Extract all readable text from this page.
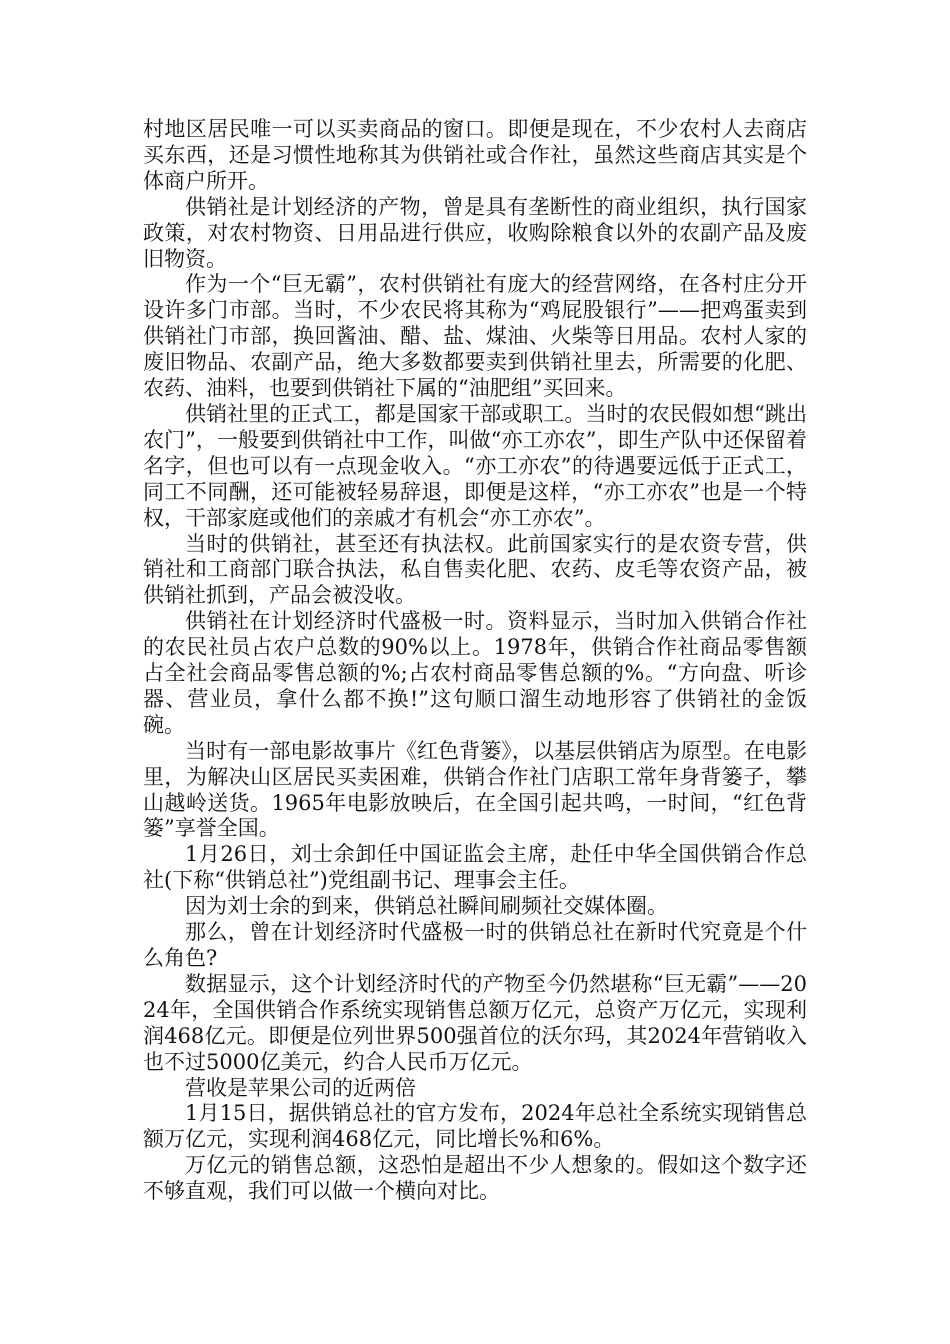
村地区居民唯一可以买卖商品的窗口。即便是现在，不少农村人去商店买东西，还是习惯性地称其为供销社或合作社，虽然这些商店其实是个体商户所开。

供销社是计划经济的产物，曾是具有垄断性的商业组织，执行国家政策，对农村物资、日用品进行供应，收购除粮食以外的农副产品及废旧物资。

作为一个“巨无霸”，农村供销社有庞大的经营网络，在各村庄分开设许多门市部。当时，不少农民将其称为“鸡屁股银行”——把鸡蛋卖到供销社门市部，换回酱油、醋、盐、煤油、火柴等日用品。农村人家的废旧物品、农副产品，绝大多数都要卖到供销社里去，所需要的化肥、农药、油料，也要到供销社下属的“油肥组”买回来。

供销社里的正式工，都是国家干部或职工。当时的农民假如想“跳出农门”，一般要到供销社中工作，叫做“亦工亦农”，即生产队中还保留着名字，但也可以有一点现金收入。“亦工亦农”的待遇要远低于正式工，同工不同酬，还可能被轻易辞退，即便是这样，“亦工亦农”也是一个特权，干部家庭或他们的亲戚才有机会“亦工亦农”。

当时的供销社，甚至还有执法权。此前国家实行的是农资专营，供销社和工商部门联合执法，私自售卖化肥、农药、皮毛等农资产品，被供销社抓到，产品会被没收。

供销社在计划经济时代盛极一时。资料显示，当时加入供销合作社的农民社员占农户总数的90%以上。1978年，供销合作社商品零售额占全社会商品零售总额的%;占农村商品零售总额的%。“方向盘、听诊器、营业员，拿什么都不换!”这句顺口溜生动地形容了供销社的金饭碗。

当时有一部电影故事片《红色背篓》，以基层供销店为原型。在电影里，为解决山区居民买卖困难，供销合作社门店职工常年身背篓子，攀山越岭送货。1965年电影放映后，在全国引起共鸣，一时间，“红色背篓”享誉全国。

1月26日，刘士余卸任中国证监会主席，赴任中华全国供销合作总社(下称“供销总社”)党组副书记、理事会主任。

因为刘士余的到来，供销总社瞬间刷频社交媒体圈。

那么，曾在计划经济时代盛极一时的供销总社在新时代究竟是个什么角色?

数据显示，这个计划经济时代的产物至今仍然堪称“巨无霸”——2024年，全国供销合作系统实现销售总额万亿元，总资产万亿元，实现利润468亿元。即便是位列世界500强首位的沃尔玛，其2024年营销收入也不过5000亿美元，约合人民币万亿元。

营收是苹果公司的近两倍

1月15日，据供销总社的官方发布，2024年总社全系统实现销售总额万亿元，实现利润468亿元，同比增长%和6%。

万亿元的销售总额，这恐怕是超出不少人想象的。假如这个数字还不够直观，我们可以做一个横向对比。
